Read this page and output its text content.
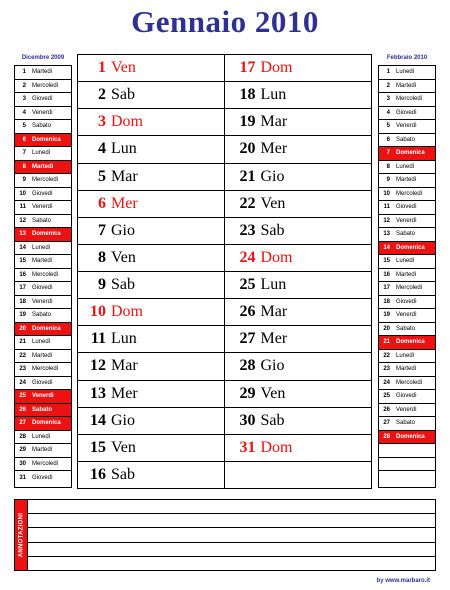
Gennaio 2010
Dicembre 2009
1	Martedì
2	Mercoledì
3	Giovedì
4	Venerdì
5	Sabato
6	Domenica
7	Lunedì
8	Martedì
9	Mercoledì
10	Giovedì
11	Venerdì
12	Sabato
13	Domenica
14	Lunedì
15	Martedì
16	Mercoledì
17	Giovedì
18	Venerdì
19	Sabato
20	Domenica
21	Lunedì
22	Martedì
23	Mercoledì
24	Giovedì
25	Venerdì
26	Sabato
27	Domenica
28	Lunedì
29	Martedì
30	Mercoledì
31	Giovedì
Febbraio 2010
1	Lunedì
2	Martedì
3	Mercoledì
4	Giovedì
5	Venerdì
6	Sabato
7	Domenica
8	Lunedì
9	Martedì
10	Mercoledì
11	Giovedì
12	Venerdì
13	Sabato
14	Domenica
15	Lunedì
16	Martedì
17	Mercoledì
18	Giovedì
19	Venerdì
20	Sabato
21	Domenica
22	Lunedì
23	Martedì
24	Mercoledì
25	Giovedì
26	Venerdì
27	Sabato
28	Domenica
1 Ven
2 Sab
3 Dom
4 Lun
5 Mar
6 Mer
7 Gio
8 Ven
9 Sab
10 Dom
11 Lun
12 Mar
13 Mer
14 Gio
15 Ven
16 Sab
17 Dom
18 Lun
19 Mar
20 Mer
21 Gio
22 Ven
23 Sab
24 Dom
25 Lun
26 Mar
27 Mer
28 Gio
29 Ven
30 Sab
31 Dom
ANNOTAZIONI
by www.marbaro.it
